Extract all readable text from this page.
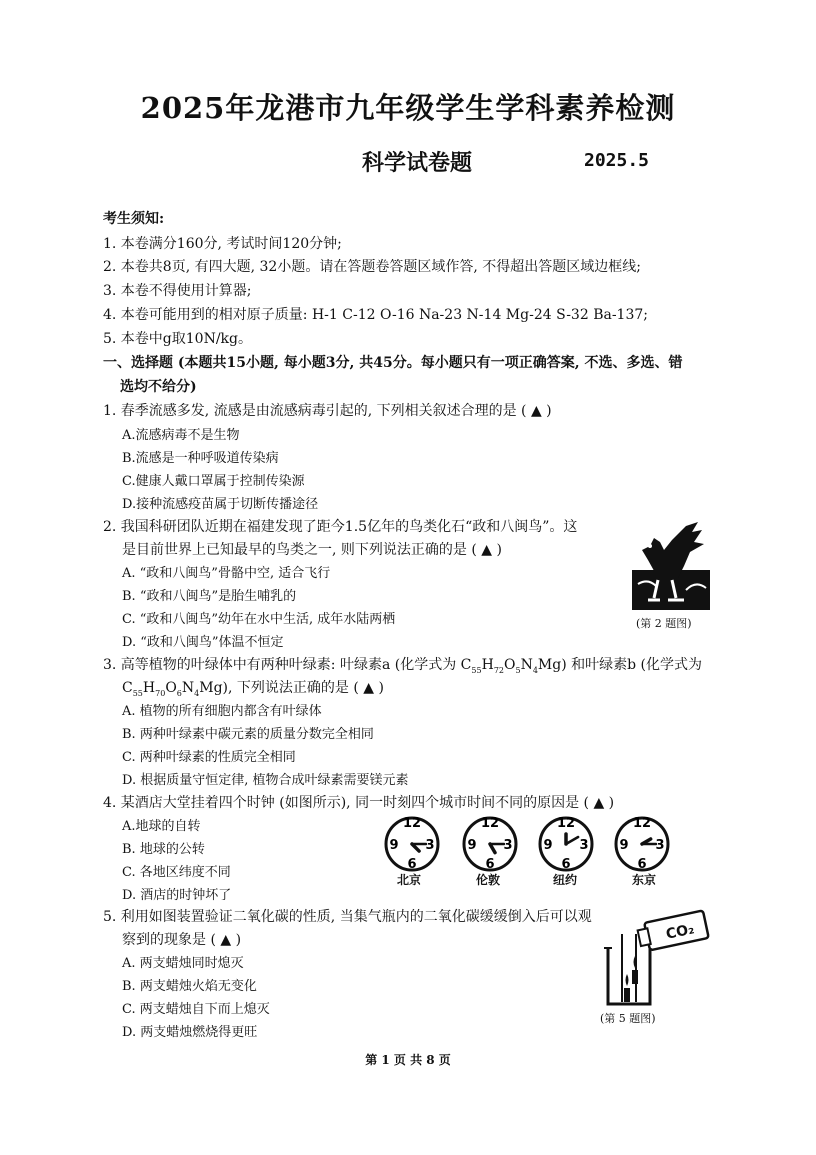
2025年龙港市九年级学生学科素养检测
科学试卷题	2025.5
考生须知:
1. 本卷满分160分, 考试时间120分钟;
2. 本卷共8页, 有四大题, 32小题。请在答题卷答题区域作答, 不得超出答题区域边框线;
3. 本卷不得使用计算器;
4. 本卷可能用到的相对原子质量: H-1 C-12 O-16 Na-23 N-14 Mg-24 S-32 Ba-137;
5. 本卷中g取10N/kg。
一、选择题 (本题共15小题, 每小题3分, 共45分。每小题只有一项正确答案, 不选、多选、错
选均不给分)
1. 春季流感多发, 流感是由流感病毒引起的, 下列相关叙述合理的是 ( ▲ )
A.流感病毒不是生物
B.流感是一种呼吸道传染病
C.健康人戴口罩属于控制传染源
D.接种流感疫苗属于切断传播途径
2. 我国科研团队近期在福建发现了距今1.5亿年的鸟类化石“政和八闽鸟”。这
是目前世界上已知最早的鸟类之一, 则下列说法正确的是 ( ▲ )
A. “政和八闽鸟”骨骼中空, 适合飞行
B. “政和八闽鸟”是胎生哺乳的
C. “政和八闽鸟”幼年在水中生活, 成年水陆两栖
D. “政和八闽鸟”体温不恒定
(第 2 题图)
3. 高等植物的叶绿体中有两种叶绿素: 叶绿素a (化学式为 $C_{55}H_{72}O_5N_4Mg$) 和叶绿素b (化学式为
$C_{55}H_{70}O_6N_4Mg$), 下列说法正确的是 ( ▲ )
A. 植物的所有细胞内都含有叶绿体
B. 两种叶绿素中碳元素的质量分数完全相同
C. 两种叶绿素的性质完全相同
D. 根据质量守恒定律, 植物合成叶绿素需要镁元素
4. 某酒店大堂挂着四个时钟 (如图所示), 同一时刻四个城市时间不同的原因是 ( ▲ )
A.地球的自转
B. 地球的公转
C. 各地区纬度不同
D. 酒店的时钟坏了
12
3
6
9
12
3
6
9
12
3
6
9
12
3
6
9
北京	伦敦	纽约	东京
5. 利用如图装置验证二氧化碳的性质, 当集气瓶内的二氧化碳缓缓倒入后可以观
察到的现象是 ( ▲ )
A. 两支蜡烛同时熄灭
B. 两支蜡烛火焰无变化
C. 两支蜡烛自下而上熄灭
D. 两支蜡烛燃烧得更旺
CO₂
(第 5 题图)
第 1 页 共 8 页
